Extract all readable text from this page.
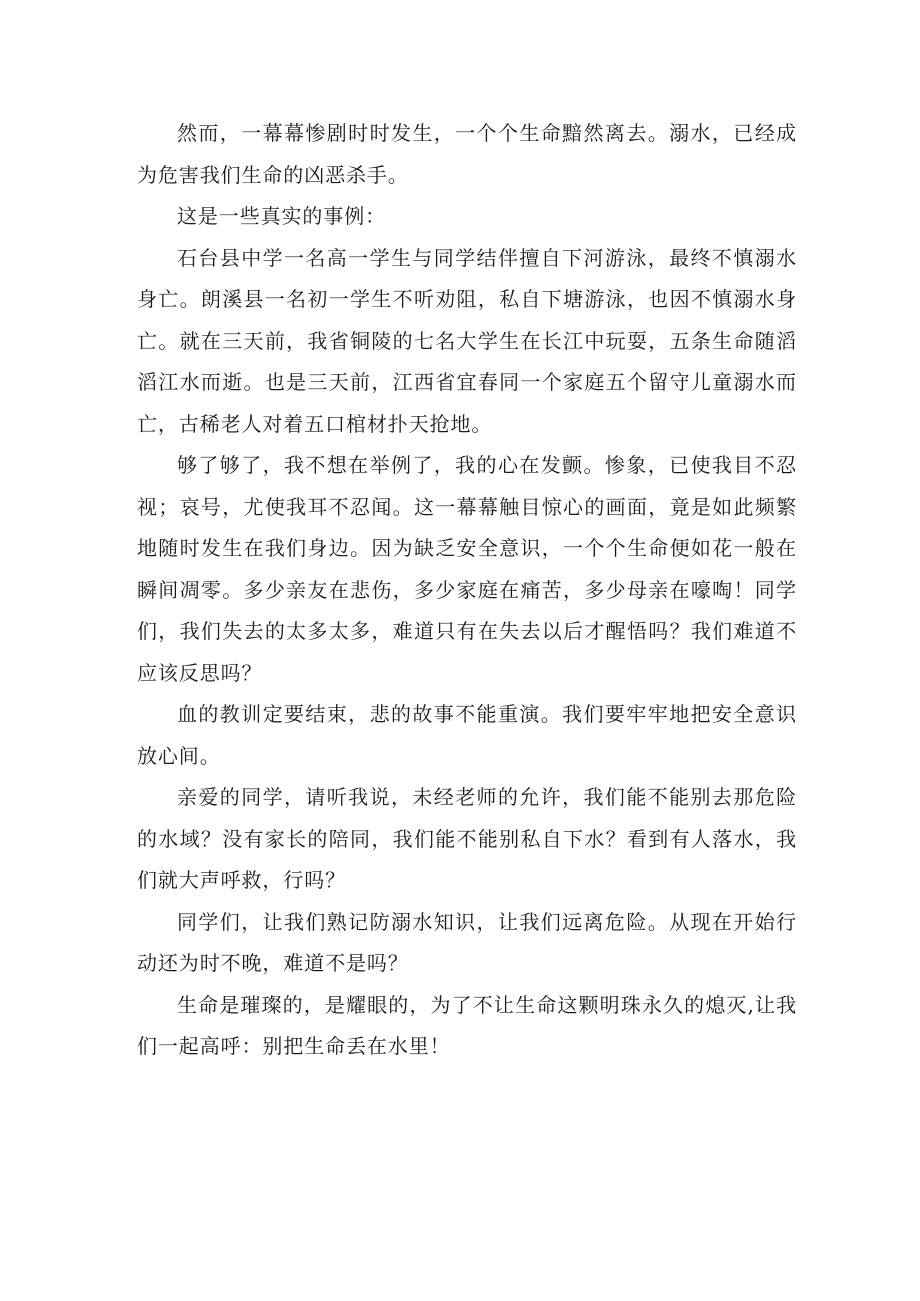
然而，一幕幕惨剧时时发生，一个个生命黯然离去。溺水，已经成为危害我们生命的凶恶杀手。

这是一些真实的事例：

石台县中学一名高一学生与同学结伴擅自下河游泳，最终不慎溺水身亡。朗溪县一名初一学生不听劝阻，私自下塘游泳，也因不慎溺水身亡。就在三天前，我省铜陵的七名大学生在长江中玩耍，五条生命随滔滔江水而逝。也是三天前，江西省宜春同一个家庭五个留守儿童溺水而亡，古稀老人对着五口棺材扑天抢地。

够了够了，我不想在举例了，我的心在发颤。惨象，已使我目不忍视；哀号，尤使我耳不忍闻。这一幕幕触目惊心的画面，竟是如此频繁地随时发生在我们身边。因为缺乏安全意识，一个个生命便如花一般在瞬间凋零。多少亲友在悲伤，多少家庭在痛苦，多少母亲在嚎啕！同学们，我们失去的太多太多，难道只有在失去以后才醒悟吗？我们难道不应该反思吗？

血的教训定要结束，悲的故事不能重演。我们要牢牢地把安全意识放心间。

亲爱的同学，请听我说，未经老师的允许，我们能不能别去那危险的水域？没有家长的陪同，我们能不能别私自下水？看到有人落水，我们就大声呼救，行吗？

同学们，让我们熟记防溺水知识，让我们远离危险。从现在开始行动还为时不晚，难道不是吗？

生命是璀璨的，是耀眼的，为了不让生命这颗明珠永久的熄灭,让我们一起高呼：别把生命丢在水里！
